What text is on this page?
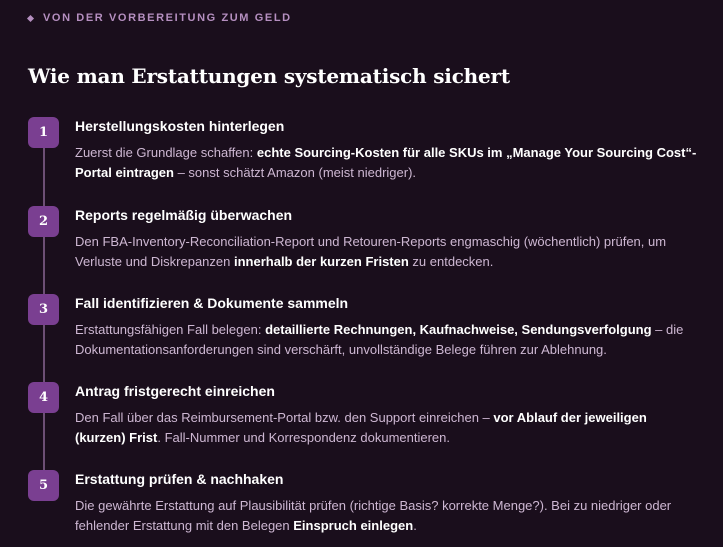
VON DER VORBEREITUNG ZUM GELD
Wie man Erstattungen systematisch sichert
1	Herstellungskosten hinterlegen

Zuerst die Grundlage schaffen: echte Sourcing-Kosten für alle SKUs im „Manage Your Sourcing Cost“-Portal eintragen – sonst schätzt Amazon (meist niedriger).

2	Reports regelmäßig überwachen

Den FBA-Inventory-Reconciliation-Report und Retouren-Reports engmaschig (wöchentlich) prüfen, um Verluste und Diskrepanzen innerhalb der kurzen Fristen zu entdecken.

3	Fall identifizieren & Dokumente sammeln

Erstattungsfähigen Fall belegen: detaillierte Rechnungen, Kaufnachweise, Sendungsverfolgung – die Dokumentationsanforderungen sind verschärft, unvollständige Belege führen zur Ablehnung.

4	Antrag fristgerecht einreichen

Den Fall über das Reimbursement-Portal bzw. den Support einreichen – vor Ablauf der jeweiligen (kurzen) Frist. Fall-Nummer und Korrespondenz dokumentieren.

5	Erstattung prüfen & nachhaken

Die gewährte Erstattung auf Plausibilität prüfen (richtige Basis? korrekte Menge?). Bei zu niedriger oder fehlender Erstattung mit den Belegen Einspruch einlegen.
